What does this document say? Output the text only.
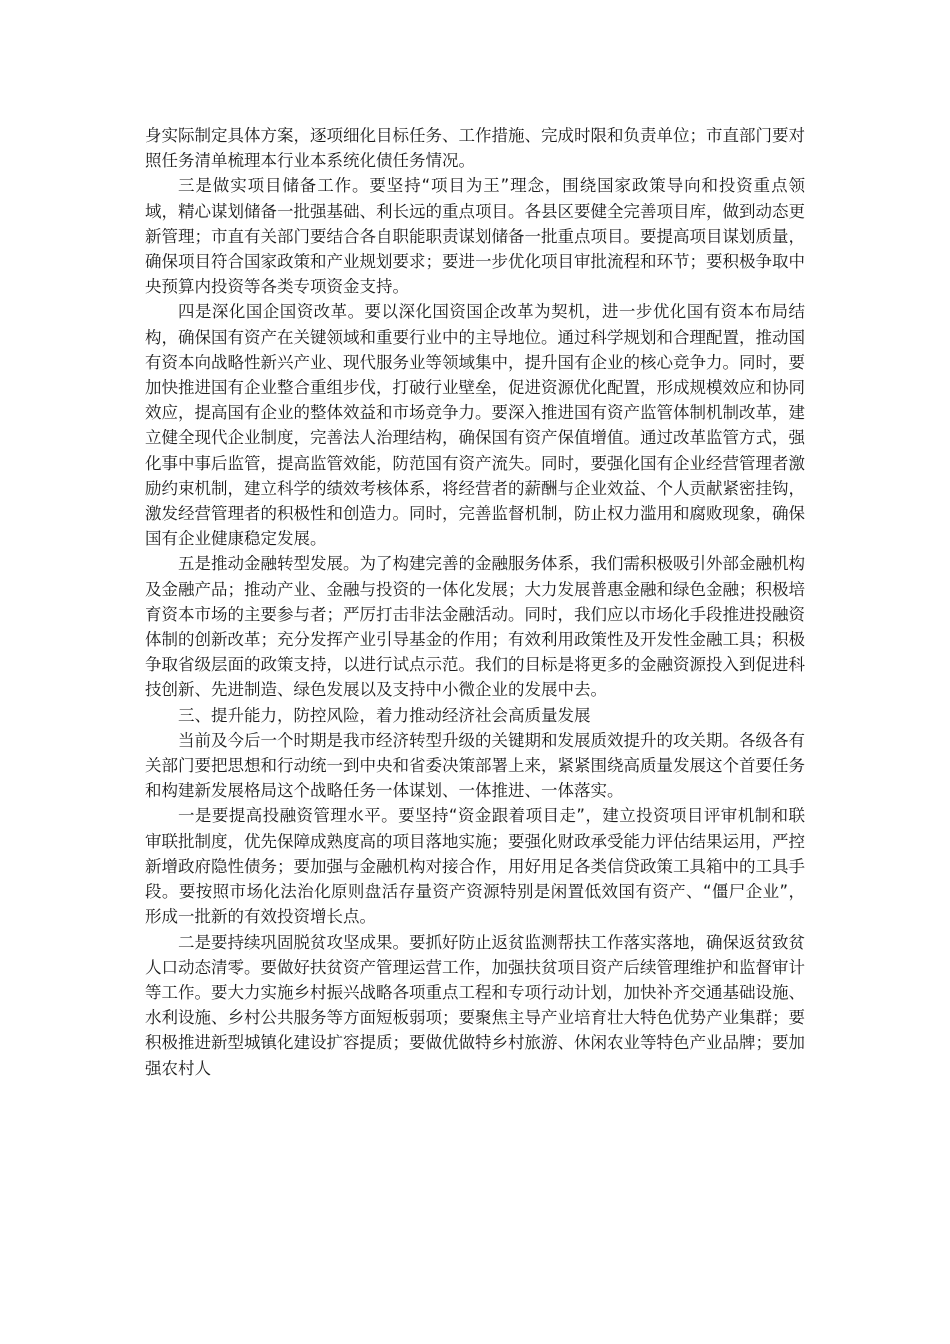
身实际制定具体方案，逐项细化目标任务、工作措施、完成时限和负责单位；市直部门要对照任务清单梳理本行业本系统化债任务情况。

三是做实项目储备工作。要坚持“项目为王”理念，围绕国家政策导向和投资重点领域，精心谋划储备一批强基础、利长远的重点项目。各县区要健全完善项目库，做到动态更新管理；市直有关部门要结合各自职能职责谋划储备一批重点项目。要提高项目谋划质量，确保项目符合国家政策和产业规划要求；要进一步优化项目审批流程和环节；要积极争取中央预算内投资等各类专项资金支持。

四是深化国企国资改革。要以深化国资国企改革为契机，进一步优化国有资本布局结构，确保国有资产在关键领域和重要行业中的主导地位。通过科学规划和合理配置，推动国有资本向战略性新兴产业、现代服务业等领域集中，提升国有企业的核心竞争力。同时，要加快推进国有企业整合重组步伐，打破行业壁垒，促进资源优化配置，形成规模效应和协同效应，提高国有企业的整体效益和市场竞争力。要深入推进国有资产监管体制机制改革，建立健全现代企业制度，完善法人治理结构，确保国有资产保值增值。通过改革监管方式，强化事中事后监管，提高监管效能，防范国有资产流失。同时，要强化国有企业经营管理者激励约束机制，建立科学的绩效考核体系，将经营者的薪酬与企业效益、个人贡献紧密挂钩，激发经营管理者的积极性和创造力。同时，完善监督机制，防止权力滥用和腐败现象，确保国有企业健康稳定发展。

五是推动金融转型发展。为了构建完善的金融服务体系，我们需积极吸引外部金融机构及金融产品；推动产业、金融与投资的一体化发展；大力发展普惠金融和绿色金融；积极培育资本市场的主要参与者；严厉打击非法金融活动。同时，我们应以市场化手段推进投融资体制的创新改革；充分发挥产业引导基金的作用；有效利用政策性及开发性金融工具；积极争取省级层面的政策支持，以进行试点示范。我们的目标是将更多的金融资源投入到促进科技创新、先进制造、绿色发展以及支持中小微企业的发展中去。

三、提升能力，防控风险，着力推动经济社会高质量发展

当前及今后一个时期是我市经济转型升级的关键期和发展质效提升的攻关期。各级各有关部门要把思想和行动统一到中央和省委决策部署上来，紧紧围绕高质量发展这个首要任务和构建新发展格局这个战略任务一体谋划、一体推进、一体落实。

一是要提高投融资管理水平。要坚持“资金跟着项目走”，建立投资项目评审机制和联审联批制度，优先保障成熟度高的项目落地实施；要强化财政承受能力评估结果运用，严控新增政府隐性债务；要加强与金融机构对接合作，用好用足各类信贷政策工具箱中的工具手段。要按照市场化法治化原则盘活存量资产资源特别是闲置低效国有资产、“僵尸企业”，形成一批新的有效投资增长点。

二是要持续巩固脱贫攻坚成果。要抓好防止返贫监测帮扶工作落实落地，确保返贫致贫人口动态清零。要做好扶贫资产管理运营工作，加强扶贫项目资产后续管理维护和监督审计等工作。要大力实施乡村振兴战略各项重点工程和专项行动计划，加快补齐交通基础设施、水利设施、乡村公共服务等方面短板弱项；要聚焦主导产业培育壮大特色优势产业集群；要积极推进新型城镇化建设扩容提质；要做优做特乡村旅游、休闲农业等特色产业品牌；要加强农村人
